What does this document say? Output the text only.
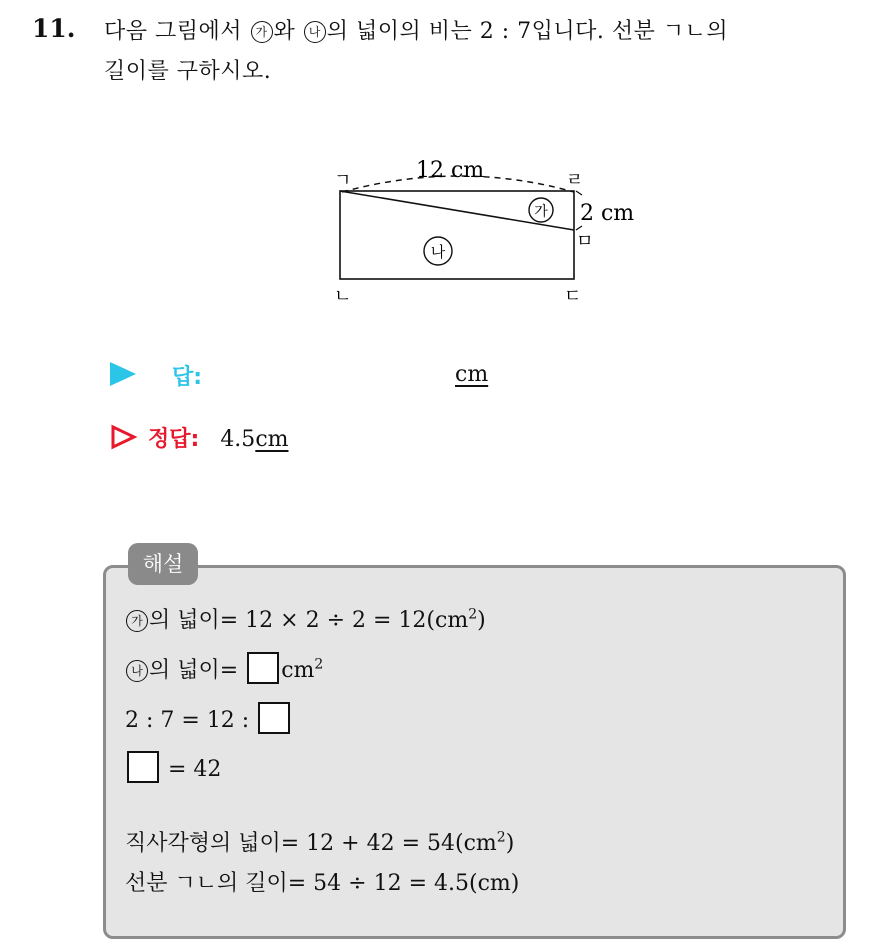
11. 다음 그림에서 가 와 나 의 넓이의 비는 2 : 7입니다. 선분 ㄱㄴ의
길이를 구하시오.
12 cm
2 cm
ㄱ
ㄴ	ㄷ
ㄹ
ㅁ
가
나
답:	cm
정답: 4.5cm
해설
가 의 넓이= $12 \times 2 \div 2 = 12(cm^2)$
나 의 넓이= $cm^2$
2 : 7 = 12 :
= 42
직사각형의 넓이= $12 + 42 = 54(cm^2)$
선분 ㄱㄴ의 길이= 54 ÷ 12 = 4.5(cm)
